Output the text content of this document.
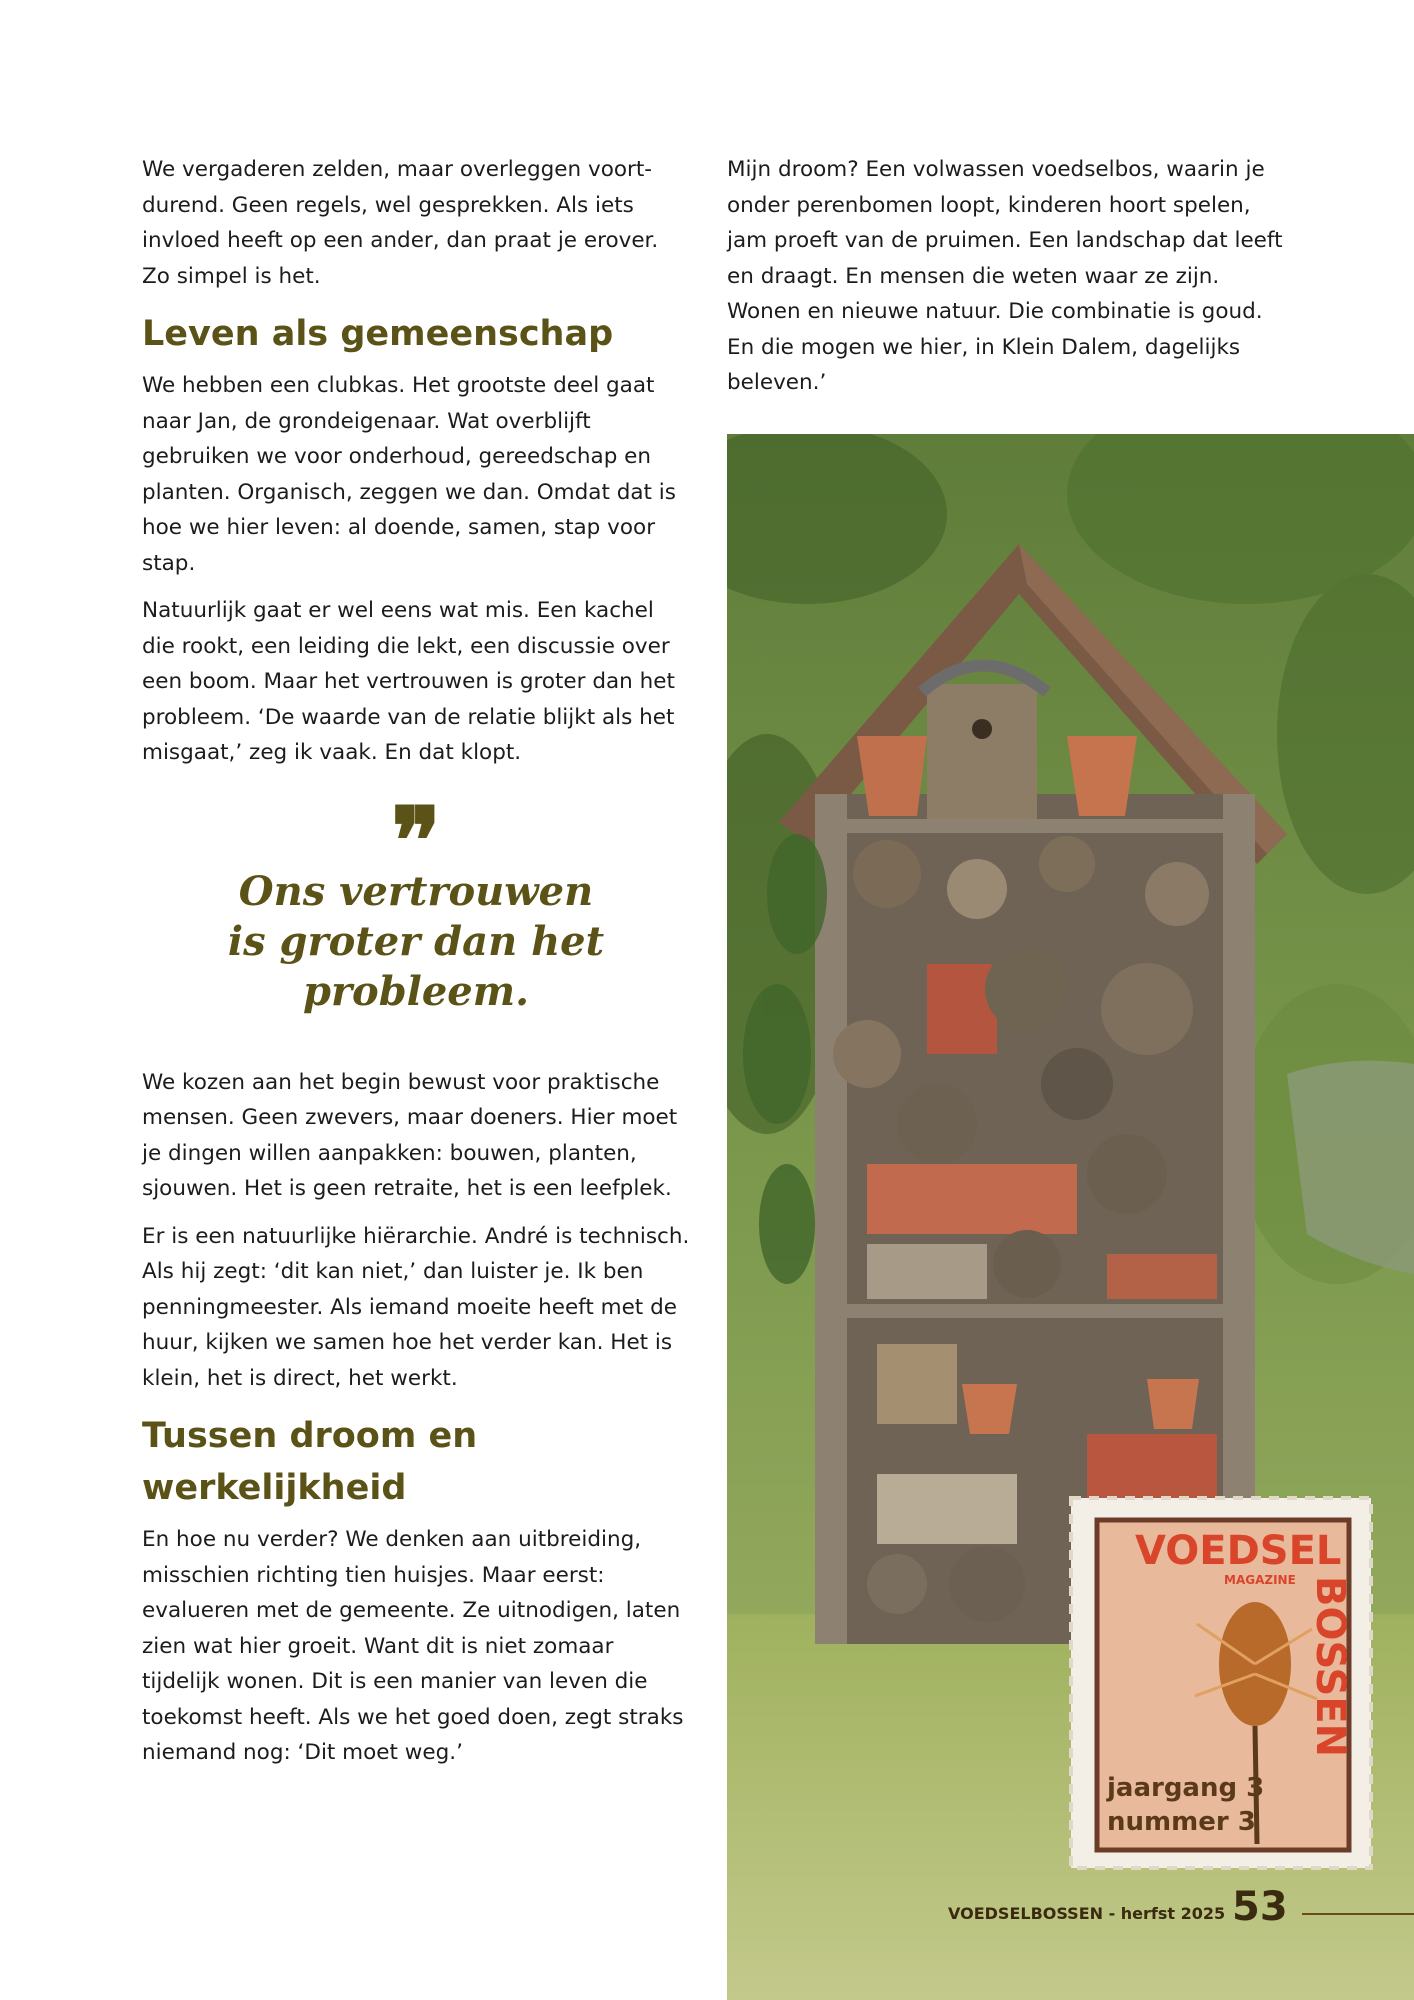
We vergaderen zelden, maar overleggen voort-durend. Geen regels, wel gesprekken. Als iets invloed heeft op een ander, dan praat je erover. Zo simpel is het.

Leven als gemeenschap

We hebben een clubkas. Het grootste deel gaat naar Jan, de grondeigenaar. Wat overblijft gebruiken we voor onderhoud, gereedschap en planten. Organisch, zeggen we dan. Omdat dat is hoe we hier leven: al doende, samen, stap voor stap.

Natuurlijk gaat er wel eens wat mis. Een kachel die rookt, een leiding die lekt, een discussie over een boom. Maar het vertrouwen is groter dan het probleem. ‘De waarde van de relatie blijkt als het misgaat,’ zeg ik vaak. En dat klopt.

❞
Ons vertrouwen is groter dan het probleem.

We kozen aan het begin bewust voor praktische mensen. Geen zwevers, maar doeners. Hier moet je dingen willen aanpakken: bouwen, planten, sjouwen. Het is geen retraite, het is een leefplek.

Er is een natuurlijke hiërarchie. André is technisch. Als hij zegt: ‘dit kan niet,’ dan luister je. Ik ben penningmeester. Als iemand moeite heeft met de huur, kijken we samen hoe het verder kan. Het is klein, het is direct, het werkt.

Tussen droom en werkelijkheid

En hoe nu verder? We denken aan uitbreiding, misschien richting tien huisjes. Maar eerst: evalueren met de gemeente. Ze uitnodigen, laten zien wat hier groeit. Want dit is niet zomaar tijdelijk wonen. Dit is een manier van leven die toekomst heeft. Als we het goed doen, zegt straks niemand nog: ‘Dit moet weg.’

Mijn droom? Een volwassen voedselbos, waarin je onder perenbomen loopt, kinderen hoort spelen, jam proeft van de pruimen. Een landschap dat leeft en draagt. En mensen die weten waar ze zijn. Wonen en nieuwe natuur. Die combinatie is goud. En die mogen we hier, in Klein Dalem, dagelijks beleven.’

VOEDSEL
MAGAZINE BOSSEN
jaargang 3
nummer 3
VOEDSELBOSSEN - herfst 2025 53
